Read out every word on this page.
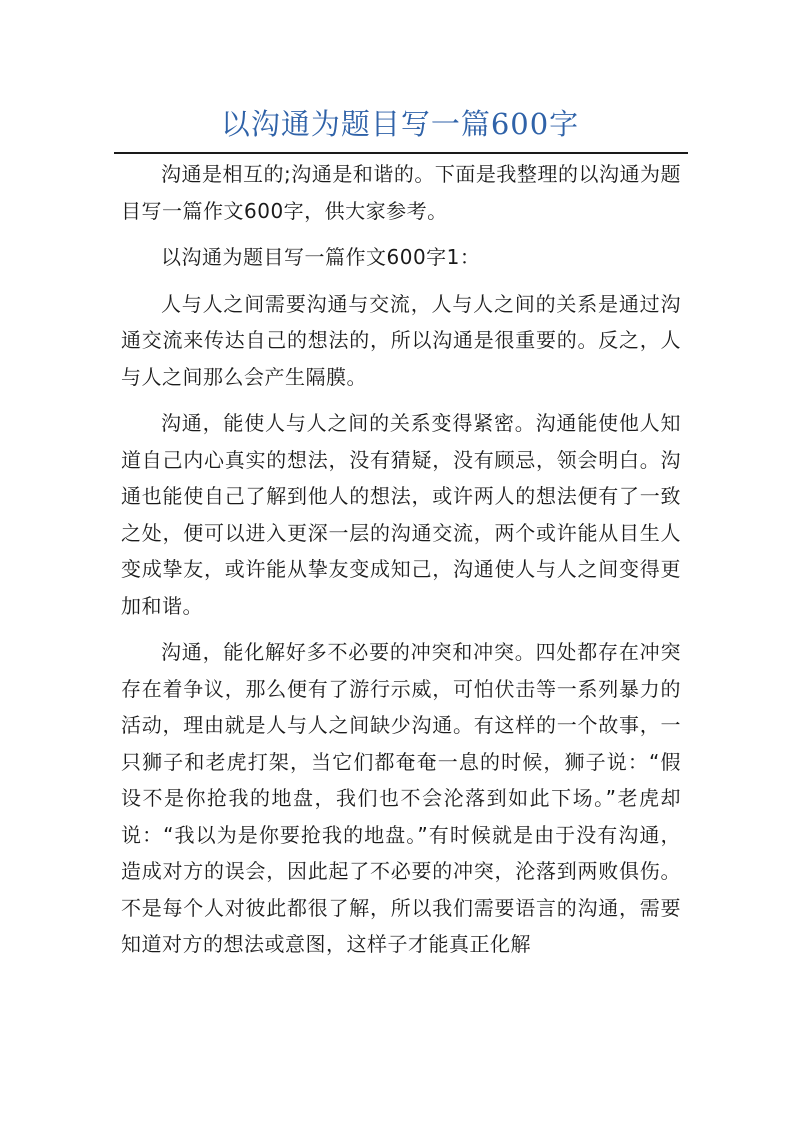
以沟通为题目写一篇600字

沟通是相互的;沟通是和谐的。下面是我整理的以沟通为题目写一篇作文600字，供大家参考。

以沟通为题目写一篇作文600字1：

人与人之间需要沟通与交流，人与人之间的关系是通过沟通交流来传达自己的想法的，所以沟通是很重要的。反之，人与人之间那么会产生隔膜。

沟通，能使人与人之间的关系变得紧密。沟通能使他人知道自己内心真实的想法，没有猜疑，没有顾忌，领会明白。沟通也能使自己了解到他人的想法，或许两人的想法便有了一致之处，便可以进入更深一层的沟通交流，两个或许能从目生人变成挚友，或许能从挚友变成知己，沟通使人与人之间变得更加和谐。

沟通，能化解好多不必要的冲突和冲突。四处都存在冲突存在着争议，那么便有了游行示威，可怕伏击等一系列暴力的活动，理由就是人与人之间缺少沟通。有这样的一个故事，一只狮子和老虎打架，当它们都奄奄一息的时候，狮子说：“假设不是你抢我的地盘，我们也不会沦落到如此下场。”老虎却说：“我以为是你要抢我的地盘。”有时候就是由于没有沟通，造成对方的误会，因此起了不必要的冲突，沦落到两败俱伤。不是每个人对彼此都很了解，所以我们需要语言的沟通，需要知道对方的想法或意图，这样子才能真正化解
